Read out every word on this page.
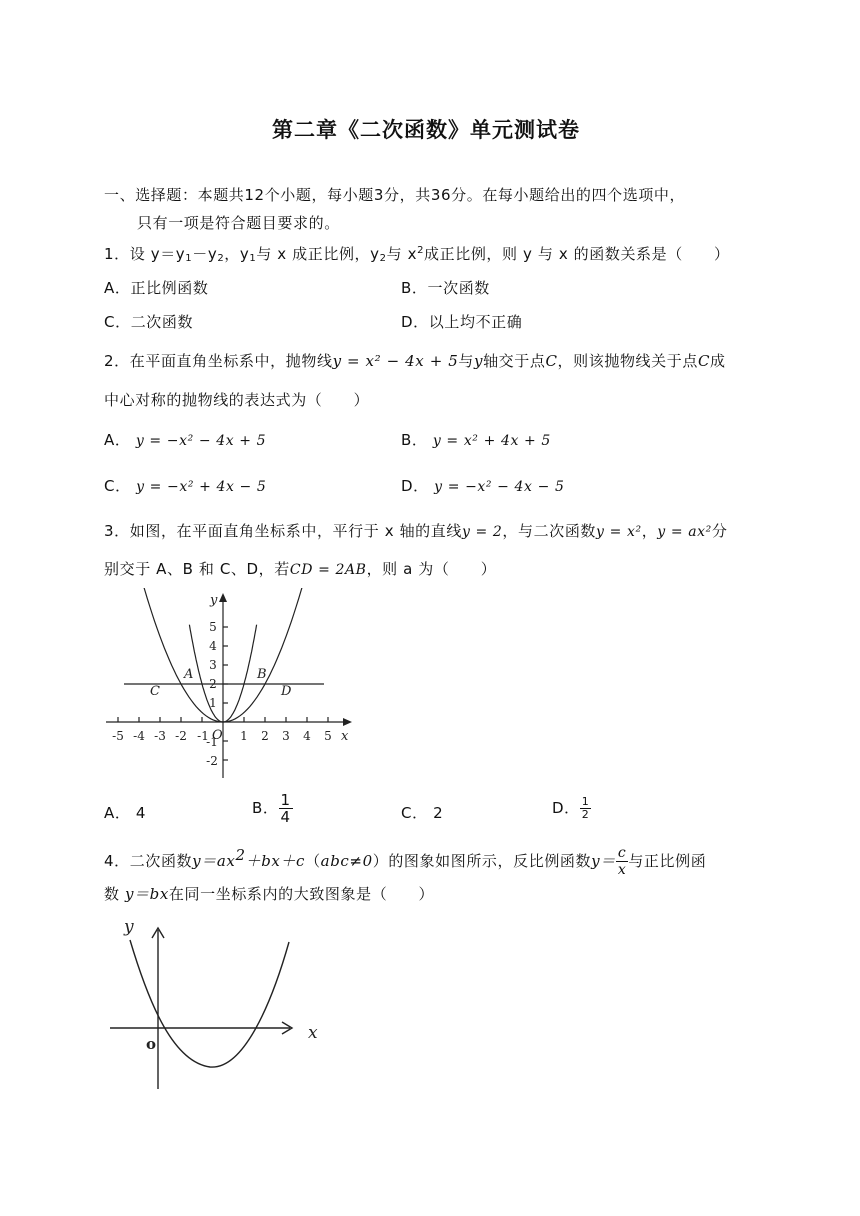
第二章《二次函数》单元测试卷
一、选择题：本题共12个小题，每小题3分，共36分。在每小题给出的四个选项中，
只有一项是符合题目要求的。
1．设 $y=y_1-y_2$，$y_1$与 x 成正比例，$y_2$与 $x^2$成正比例，则 y 与 x 的函数关系是（　　）
A．正比例函数	B．一次函数
C．二次函数	D．以上均不正确
2．在平面直角坐标系中，抛物线y = x² − 4x + 5与y轴交于点C，则该抛物线关于点C成
中心对称的抛物线的表达式为（　　）
A． y = −x² − 4x + 5	B． y = x² + 4x + 5
C． y = −x² + 4x − 5	D． y = −x² − 4x − 5
3．如图，在平面直角坐标系中，平行于 x 轴的直线y = 2，与二次函数y = x²，y = ax²分
别交于 A、B 和 C、D，若CD = 2AB，则 a 为（　　）
-5 -4 -3 -2 -1	1 2 3 4 5
5
4
3
2
1
-1
-2
y
x
O
A	B
C	D
A． 4	B． $\frac{1}{4}$	C． 2	D． $\frac{1}{2}$
4．二次函数$y=ax^2+bx+c(abc\ne 0)$的图象如图所示，反比例函数$y= \frac{c}{x}$ 与正比例函
数 y＝bx在同一坐标系内的大致图象是（　　）
y
x
o
